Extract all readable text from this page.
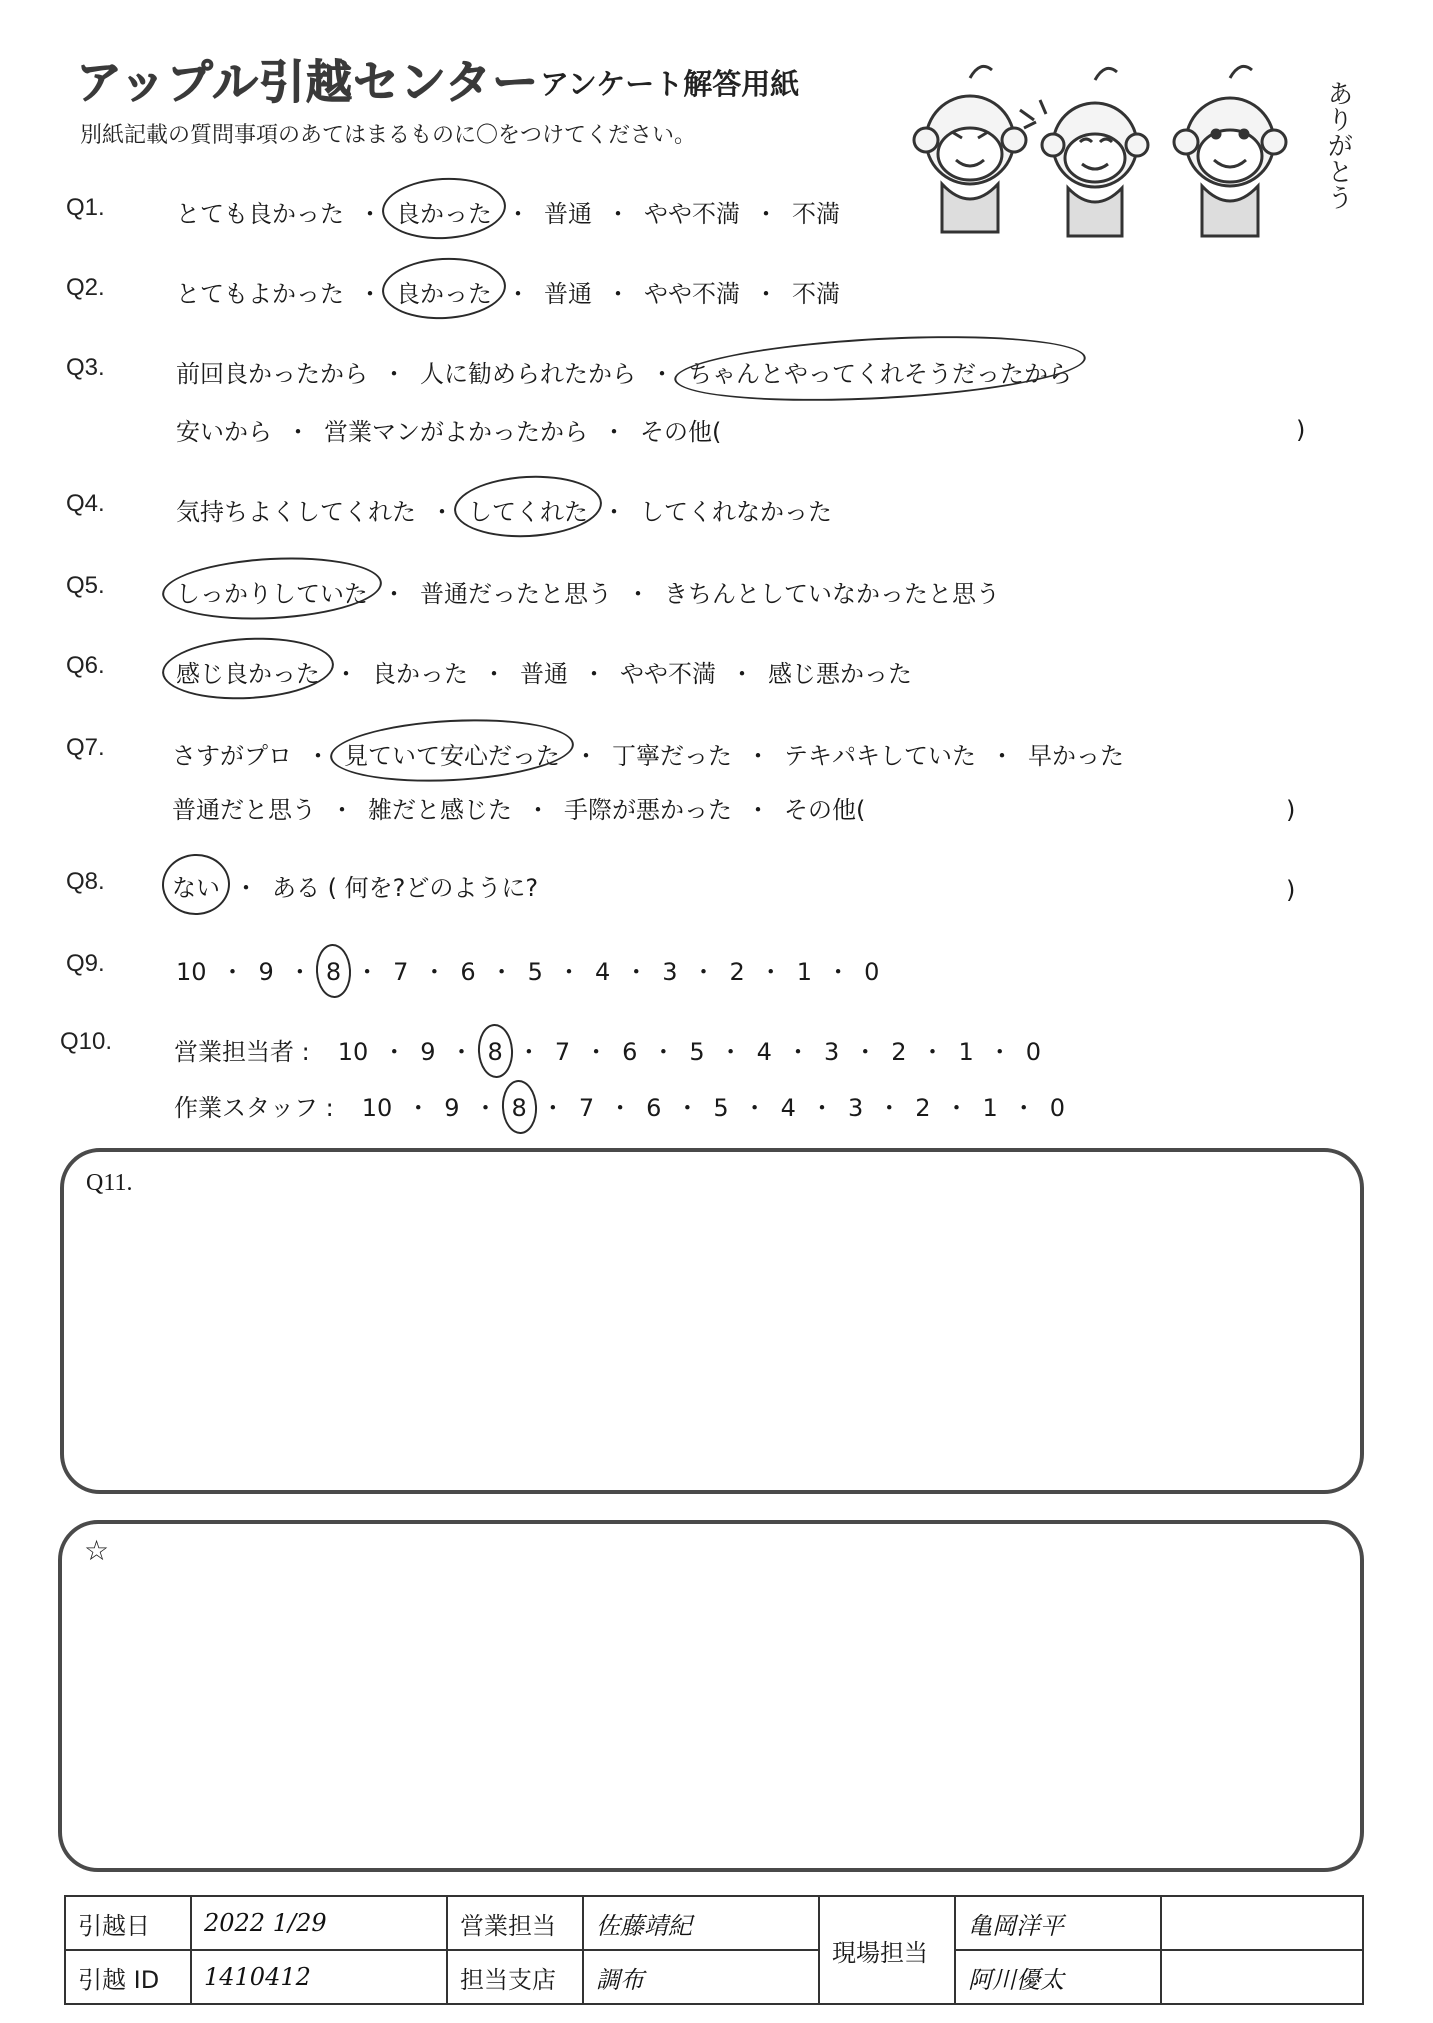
アップル引越センター アンケート解答用紙
別紙記載の質問事項のあてはまるものに〇をつけてください。	ありがとう
Q1.	とても良かった ・ 良かった ・ 普通 ・ やや不満 ・ 不満
Q2.	とてもよかった ・ 良かった ・ 普通 ・ やや不満 ・ 不満
Q3.	前回良かったから ・ 人に勧められたから ・ ちゃんとやってくれそうだったから
安いから ・ 営業マンがよかったから ・ その他(	)
Q4.	気持ちよくしてくれた ・ してくれた ・ してくれなかった
Q5.	しっかりしていた ・ 普通だったと思う ・ きちんとしていなかったと思う
Q6.	感じ良かった ・ 良かった ・ 普通 ・ やや不満 ・ 感じ悪かった
Q7.	さすがプロ ・ 見ていて安心だった ・ 丁寧だった ・ テキパキしていた ・ 早かった
普通だと思う ・ 雑だと感じた ・ 手際が悪かった ・ その他(	)
Q8.	ない ・ ある ( 何を?どのように?	)
Q9.	10 ・ 9 ・ 8 ・ 7 ・ 6 ・ 5 ・ 4 ・ 3 ・ 2 ・ 1 ・ 0
Q10.	営業担当者 : 10 ・ 9 ・ 8 ・ 7 ・ 6 ・ 5 ・ 4 ・ 3 ・ 2 ・ 1 ・ 0
作業スタッフ : 10 ・ 9 ・ 8 ・ 7 ・ 6 ・ 5 ・ 4 ・ 3 ・ 2 ・ 1 ・ 0
Q11.
☆
引越日	2022 1/29	営業担当	佐藤靖紀	現場担当	亀岡洋平	
引越 ID	1410412	担当支店	調布		阿川優太	
